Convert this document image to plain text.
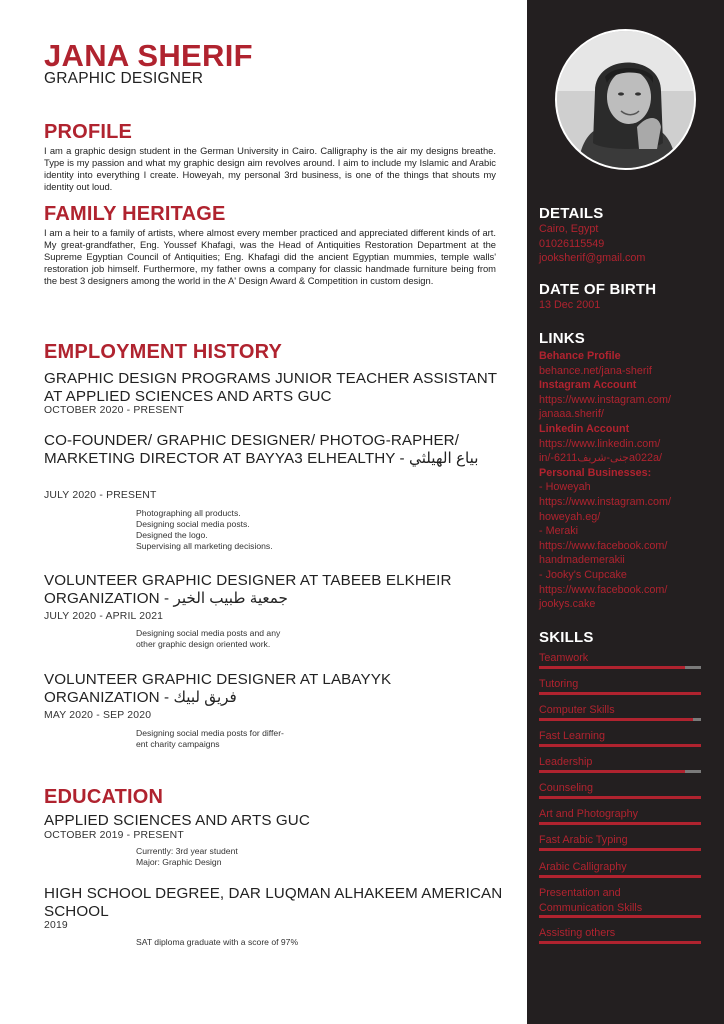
JANA SHERIF
GRAPHIC DESIGNER
PROFILE
I am a graphic design student in the German University in Cairo. Calligraphy is the air my designs breathe. Type is my passion and what my graphic design aim revolves around. I aim to include my Islamic and Arabic identity into everything I create. Howeyah, my personal 3rd business, is one of the things that shouts my identity out loud.
FAMILY HERITAGE
I am a heir to a family of artists, where almost every member practiced and appreciated different kinds of art. My great-grandfather, Eng. Youssef Khafagi, was the Head of Antiquities Restoration Department at the Supreme Egyptian Council of Antiquities; Eng. Khafagi did the ancient Egyptian mummies, temple walls' restoration job himself. Furthermore, my father owns a company for classic handmade furniture being from the best 3 designers among the world in the A' Design Award & Competition in custom design.
EMPLOYMENT HISTORY
GRAPHIC DESIGN PROGRAMS JUNIOR TEACHER ASSISTANT AT APPLIED SCIENCES AND ARTS GUC
OCTOBER 2020 - PRESENT
CO-FOUNDER/ GRAPHIC DESIGNER/ PHOTOG-RAPHER/ MARKETING DIRECTOR AT BAYYA3 ELHEALTHY - بياع الهيلثي
JULY 2020 - PRESENT
Photographing all products.
Designing social media posts.
Designed the logo.
Supervising all marketing decisions.
VOLUNTEER GRAPHIC DESIGNER AT TABEEB ELKHEIR ORGANIZATION - جمعية طبيب الخير
JULY 2020 - APRIL 2021
Designing social media posts and any
other graphic design oriented work.
VOLUNTEER GRAPHIC DESIGNER AT LABAYYK ORGANIZATION - فريق لبيك
MAY 2020 - SEP 2020
Designing social media posts for differ-
ent charity campaigns
EDUCATION
APPLIED SCIENCES AND ARTS GUC
OCTOBER 2019 - PRESENT
Currently: 3rd year student
Major: Graphic Design
HIGH SCHOOL DEGREE, DAR LUQMAN ALHAKEEM AMERICAN SCHOOL
2019
SAT diploma graduate with a score of 97%
DETAILS
Cairo, Egypt
01026115549
jooksherif@gmail.com
DATE OF BIRTH
13 Dec 2001
LINKS
Behance Profile
behance.net/jana-sherif
Instagram Account
https://www.instagram.com/
janaaa.sherif/
Linkedin Account
https://www.linkedin.com/
in/-جنى-شريف6211a022a/
Personal Businesses:
- Howeyah
https://www.instagram.com/
howeyah.eg/
- Meraki
https://www.facebook.com/
handmademerakii
- Jooky's Cupcake
https://www.facebook.com/
jookys.cake
SKILLS
Teamwork
Tutoring
Computer Skills
Fast Learning
Leadership
Counseling
Art and Photography
Fast Arabic Typing
Arabic Calligraphy
Presentation and Communication Skills
Assisting others
